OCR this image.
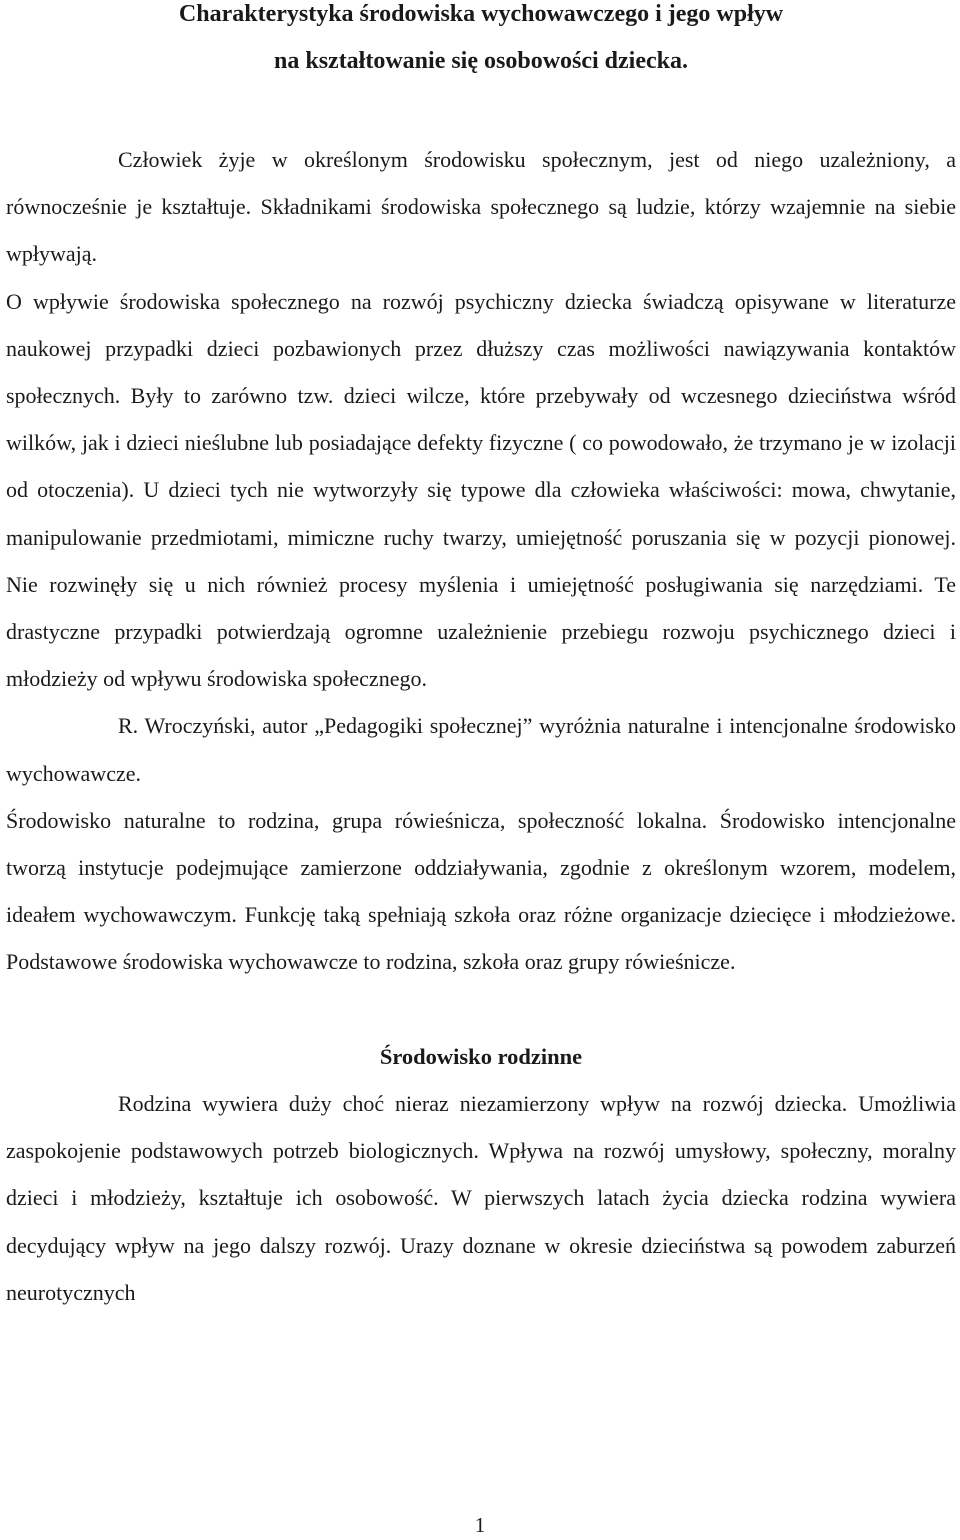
Charakterystyka środowiska wychowawczego i jego wpływ
na kształtowanie się osobowości dziecka.

Człowiek żyje w określonym środowisku społecznym, jest od niego uzależniony, a równocześnie je kształtuje. Składnikami środowiska społecznego są ludzie, którzy wzajemnie na siebie wpływają.

O wpływie środowiska społecznego na rozwój psychiczny dziecka świadczą opisywane w literaturze naukowej przypadki dzieci pozbawionych przez dłuższy czas możliwości nawiązywania kontaktów społecznych. Były to zarówno tzw. dzieci wilcze, które przebywały od wczesnego dzieciństwa wśród wilków, jak i dzieci nieślubne lub posiadające defekty fizyczne ( co powodowało, że trzymano je w izolacji od otoczenia). U dzieci tych nie wytworzyły się typowe dla człowieka właściwości: mowa, chwytanie, manipulowanie przedmiotami, mimiczne ruchy twarzy, umiejętność poruszania się w pozycji pionowej. Nie rozwinęły się u nich również procesy myślenia i umiejętność posługiwania się narzędziami. Te drastyczne przypadki potwierdzają ogromne uzależnienie przebiegu rozwoju psychicznego dzieci i młodzieży od wpływu środowiska społecznego.

R. Wroczyński, autor „Pedagogiki społecznej” wyróżnia naturalne i intencjonalne środowisko wychowawcze.

Środowisko naturalne to rodzina, grupa rówieśnicza, społeczność lokalna. Środowisko intencjonalne tworzą instytucje podejmujące zamierzone oddziaływania, zgodnie z określonym wzorem, modelem, ideałem wychowawczym. Funkcję taką spełniają szkoła oraz różne organizacje dziecięce i młodzieżowe. Podstawowe środowiska wychowawcze to rodzina, szkoła oraz grupy rówieśnicze.

Środowisko rodzinne

Rodzina wywiera duży choć nieraz niezamierzony wpływ na rozwój dziecka. Umożliwia zaspokojenie podstawowych potrzeb biologicznych. Wpływa na rozwój umysłowy, społeczny, moralny dzieci i młodzieży, kształtuje ich osobowość. W pierwszych latach życia dziecka rodzina wywiera decydujący wpływ na jego dalszy rozwój. Urazy doznane w okresie dzieciństwa są powodem zaburzeń neurotycznych

1
